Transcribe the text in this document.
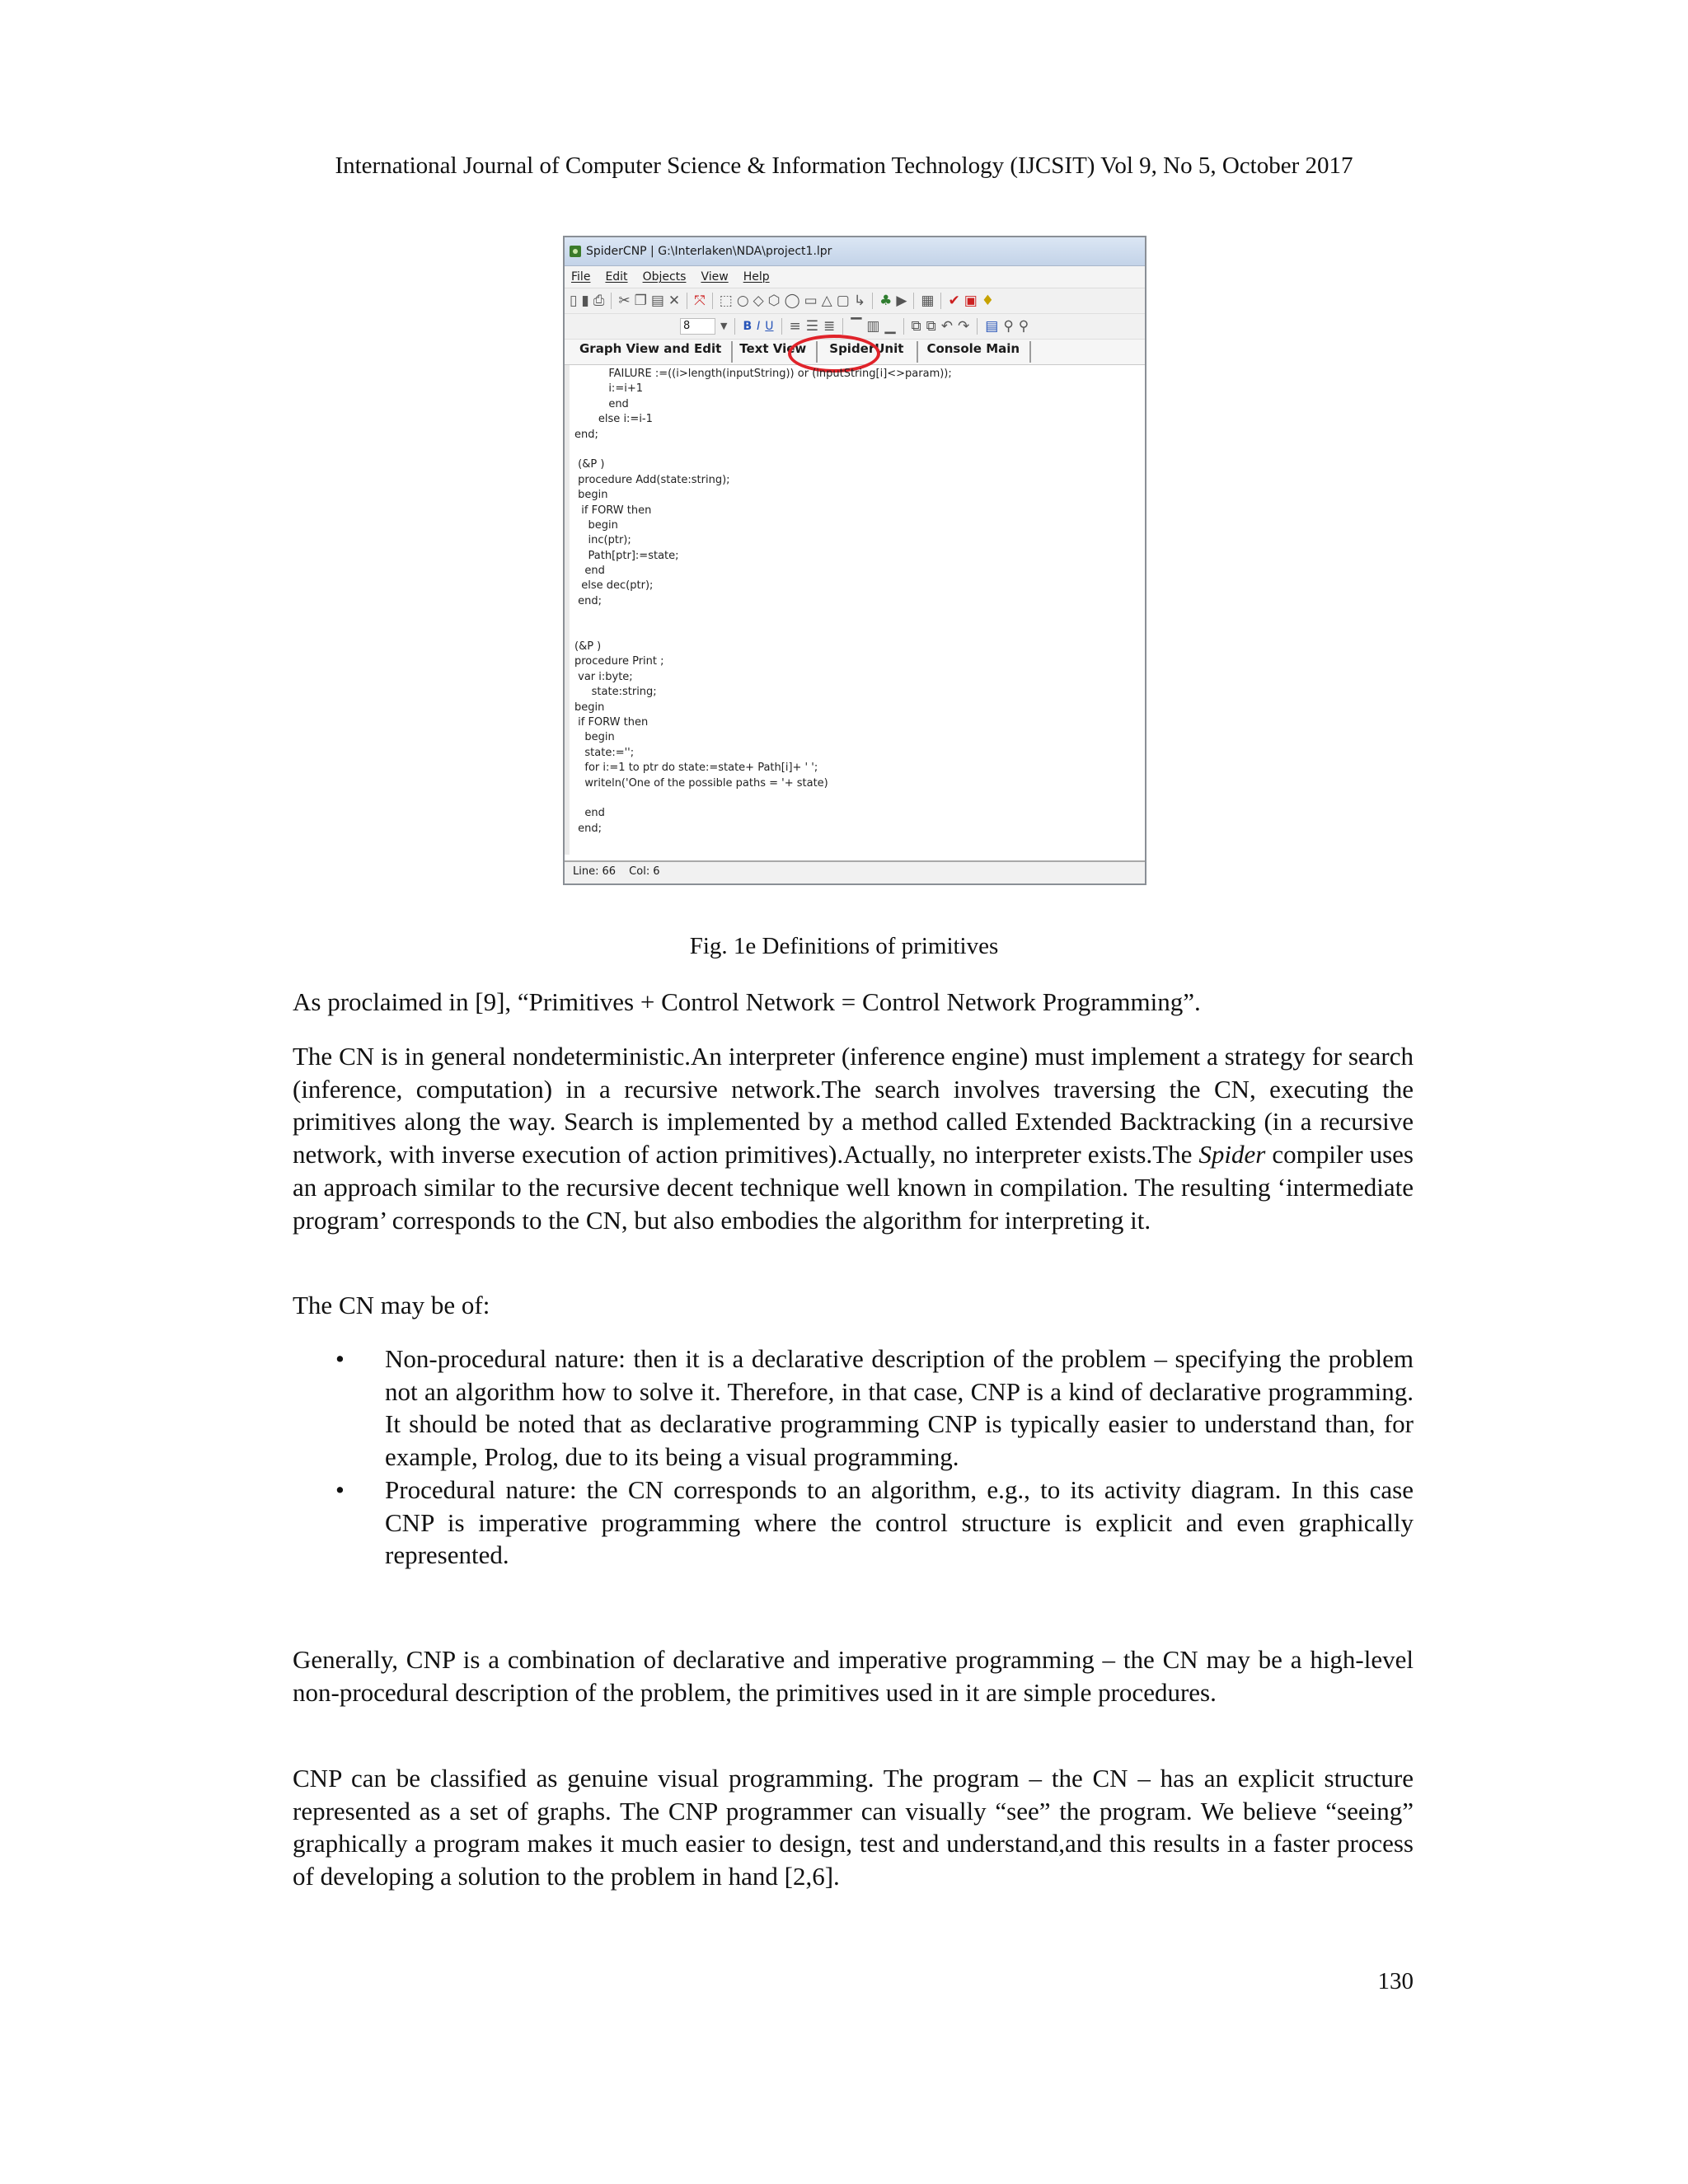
International Journal of Computer Science & Information Technology (IJCSIT) Vol 9, No 5, October 2017
SpiderCNP | G:\Interlaken\NDA\project1.lpr
File Edit Objects View Help
▯ ▮ ⎙ ✂ ❐ ▤ ✕ ⤧ ⬚ ○ ◇ ⬡ ◯ ▭ △ ▢ ↳ ♣ ▶ ▦ ✔ ▣ ♦
8	▼ B I U ≡ ☰ ≣ ▔ ▥ ▁ ⧉ ⧉ ↶ ↷ ▤ ⚲ ⚲
Graph View and Edit	Text View	SpiderUnit	Console Main
FAILURE :=((i>length(inputString)) or (inputString[i]<>param));
i:=i+1
end
else i:=i-1
end;
(&P )
procedure Add(state:string);
begin
if FORW then
begin
inc(ptr);
Path[ptr]:=state;
end
else dec(ptr);
end;
(&P )
procedure Print ;
var i:byte;
state:string;
begin
if FORW then
begin
state:='';
for i:=1 to ptr do state:=state+ Path[i]+ ' ';
writeln('One of the possible paths = '+ state)
end
end;
Line: 66 Col: 6
Fig. 1e Definitions of primitives
As proclaimed in [9], “Primitives + Control Network = Control Network Programming”.
The CN is in general nondeterministic.An interpreter (inference engine) must implement a strategy for search (inference, computation) in a recursive network.The search involves traversing the CN, executing the primitives along the way. Search is implemented by a method called Extended Backtracking (in a recursive network, with inverse execution of action primitives).Actually, no interpreter exists.The Spider compiler uses an approach similar to the recursive decent technique well known in compilation. The resulting ‘intermediate program’ corresponds to the CN, but also embodies the algorithm for interpreting it.
The CN may be of:
• Non-procedural nature: then it is a declarative description of the problem – specifying the problem not an algorithm how to solve it. Therefore, in that case, CNP is a kind of declarative programming. It should be noted that as declarative programming CNP is typically easier to understand than, for example, Prolog, due to its being a visual programming.
• Procedural nature: the CN corresponds to an algorithm, e.g., to its activity diagram. In this case CNP is imperative programming where the control structure is explicit and even graphically represented.
Generally, CNP is a combination of declarative and imperative programming – the CN may be a high-level non-procedural description of the problem, the primitives used in it are simple procedures.
CNP can be classified as genuine visual programming. The program – the CN – has an explicit structure represented as a set of graphs. The CNP programmer can visually “see” the program. We believe “seeing” graphically a program makes it much easier to design, test and understand,and this results in a faster process of developing a solution to the problem in hand [2,6].
130
